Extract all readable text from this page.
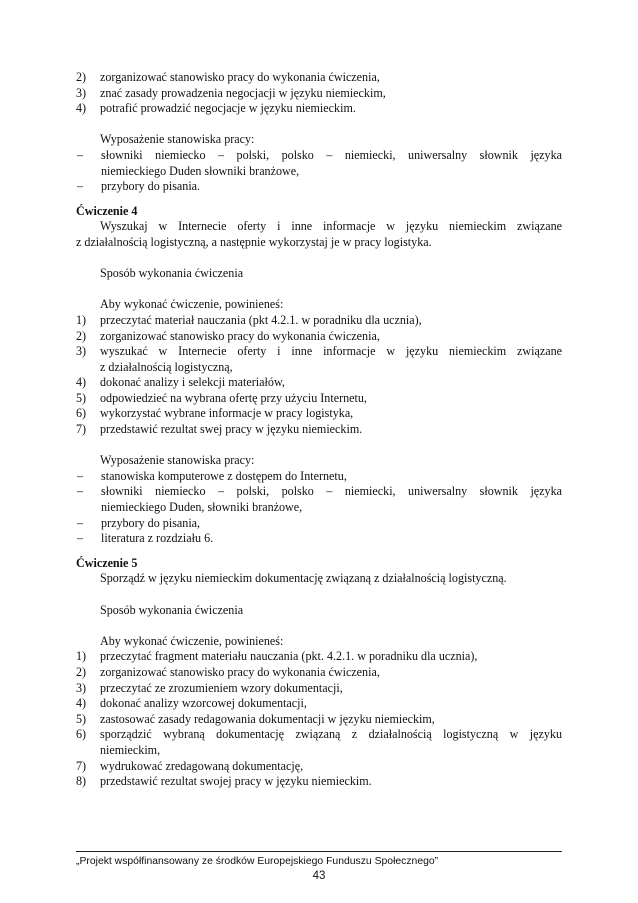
2)	zorganizować stanowisko pracy do wykonania ćwiczenia,
3)	znać zasady prowadzenia negocjacji w języku niemieckim,
4)	potrafić prowadzić negocjacje w języku niemieckim.
Wyposażenie stanowiska pracy:
–	słowniki niemiecko – polski, polsko – niemiecki, uniwersalny słownik języka
niemieckiego Duden słowniki branżowe,
–	przybory do pisania.
Ćwiczenie 4
Wyszukaj w Internecie oferty i inne informacje w języku niemieckim związane
z działalnością logistyczną, a następnie wykorzystaj je w pracy logistyka.
Sposób wykonania ćwiczenia
Aby wykonać ćwiczenie, powinieneś:
1)	przeczytać materiał nauczania (pkt 4.2.1. w poradniku dla ucznia),
2)	zorganizować stanowisko pracy do wykonania ćwiczenia,
3)	wyszukać w Internecie oferty i inne informacje w języku niemieckim związane
z działalnością logistyczną,
4)	dokonać analizy i selekcji materiałów,
5)	odpowiedzieć na wybrana ofertę przy użyciu Internetu,
6)	wykorzystać wybrane informacje w pracy logistyka,
7)	przedstawić rezultat swej pracy w języku niemieckim.
Wyposażenie stanowiska pracy:
–	stanowiska komputerowe z dostępem do Internetu,
–	słowniki niemiecko – polski, polsko – niemiecki, uniwersalny słownik języka
niemieckiego Duden, słowniki branżowe,
–	przybory do pisania,
–	literatura z rozdziału 6.
Ćwiczenie 5
Sporządź w języku niemieckim dokumentację związaną z działalnością logistyczną.
Sposób wykonania ćwiczenia
Aby wykonać ćwiczenie, powinieneś:
1)	przeczytać fragment materiału nauczania (pkt. 4.2.1. w poradniku dla ucznia),
2)	zorganizować stanowisko pracy do wykonania ćwiczenia,
3)	przeczytać ze zrozumieniem wzory dokumentacji,
4)	dokonać analizy wzorcowej dokumentacji,
5)	zastosować zasady redagowania dokumentacji w języku niemieckim,
6)	sporządzić wybraną dokumentację związaną z działalnością logistyczną w języku
niemieckim,
7)	wydrukować zredagowaną dokumentację,
8)	przedstawić rezultat swojej pracy w języku niemieckim.
„Projekt współfinansowany ze środków Europejskiego Funduszu Społecznego”
43
